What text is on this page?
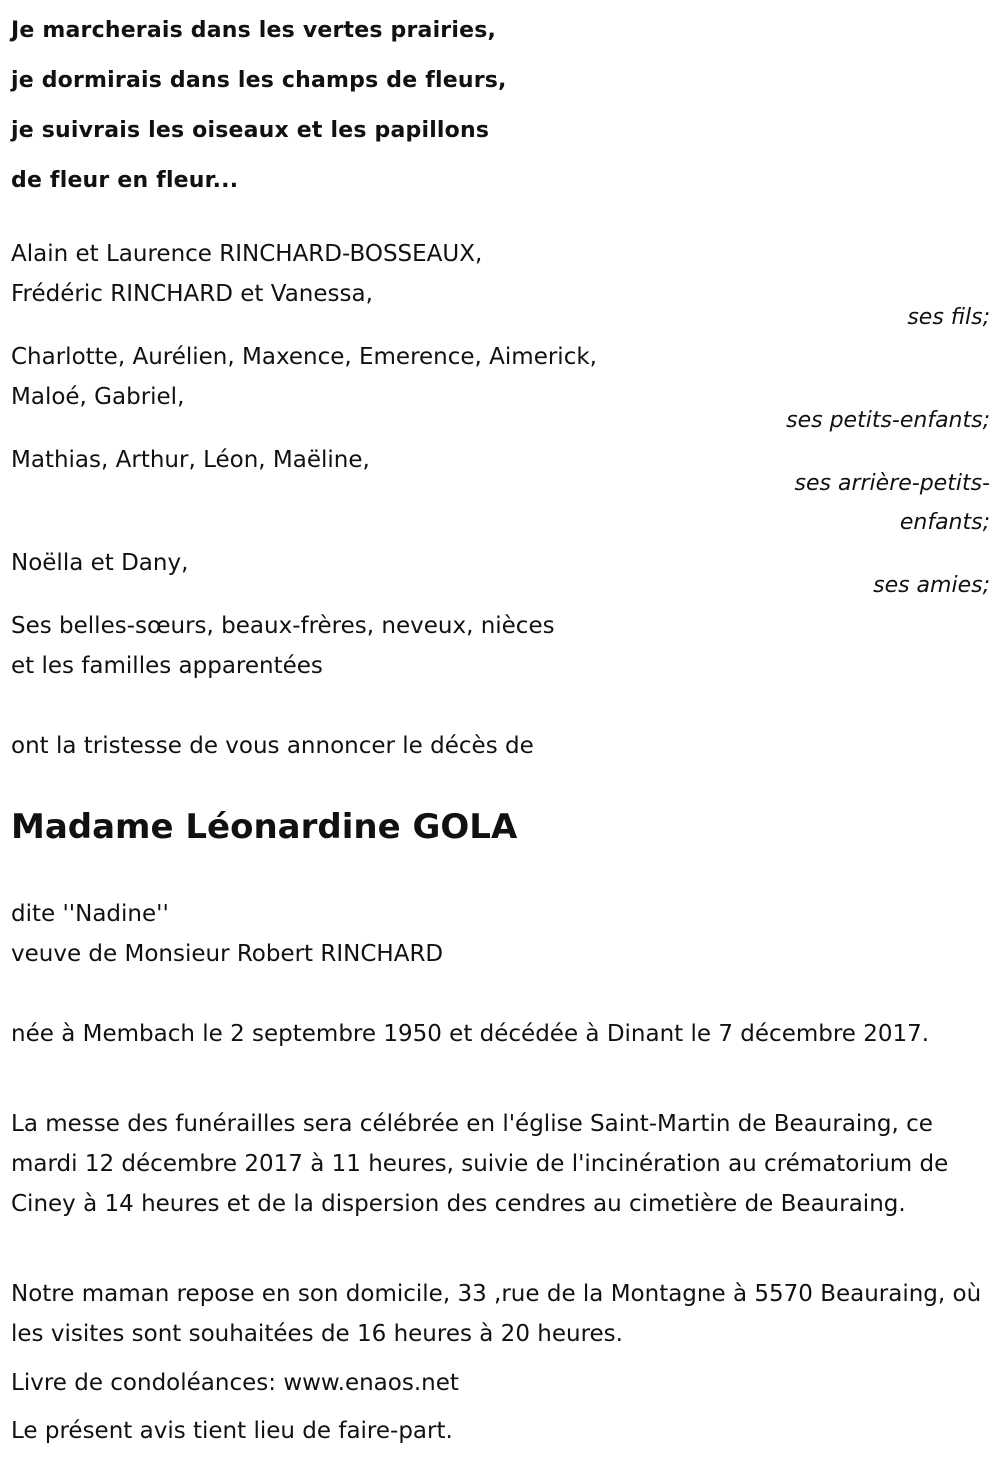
Je marcherais dans les vertes prairies,
je dormirais dans les champs de fleurs,
je suivrais les oiseaux et les papillons
de fleur en fleur...
Alain et Laurence RINCHARD-BOSSEAUX,
Frédéric RINCHARD et Vanessa,
ses fils;
Charlotte, Aurélien, Maxence, Emerence, Aimerick,
Maloé, Gabriel,
ses petits-enfants;
Mathias, Arthur, Léon, Maëline,
ses arrière-petits-
enfants;
Noëlla et Dany,
ses amies;
Ses belles-sœurs, beaux-frères, neveux, nièces
et les familles apparentées
ont la tristesse de vous annoncer le décès de
Madame Léonardine GOLA
dite ''Nadine''
veuve de Monsieur Robert RINCHARD
née à Membach le 2 septembre 1950 et décédée à Dinant le 7 décembre 2017.
La messe des funérailles sera célébrée en l'église Saint-Martin de Beauraing, ce mardi 12 décembre 2017 à 11 heures, suivie de l'incinération au crématorium de Ciney à 14 heures et de la dispersion des cendres au cimetière de Beauraing.
Notre maman repose en son domicile, 33 ,rue de la Montagne à 5570 Beauraing, où les visites sont souhaitées de 16 heures à 20 heures.
Livre de condoléances: www.enaos.net
Le présent avis tient lieu de faire-part.
